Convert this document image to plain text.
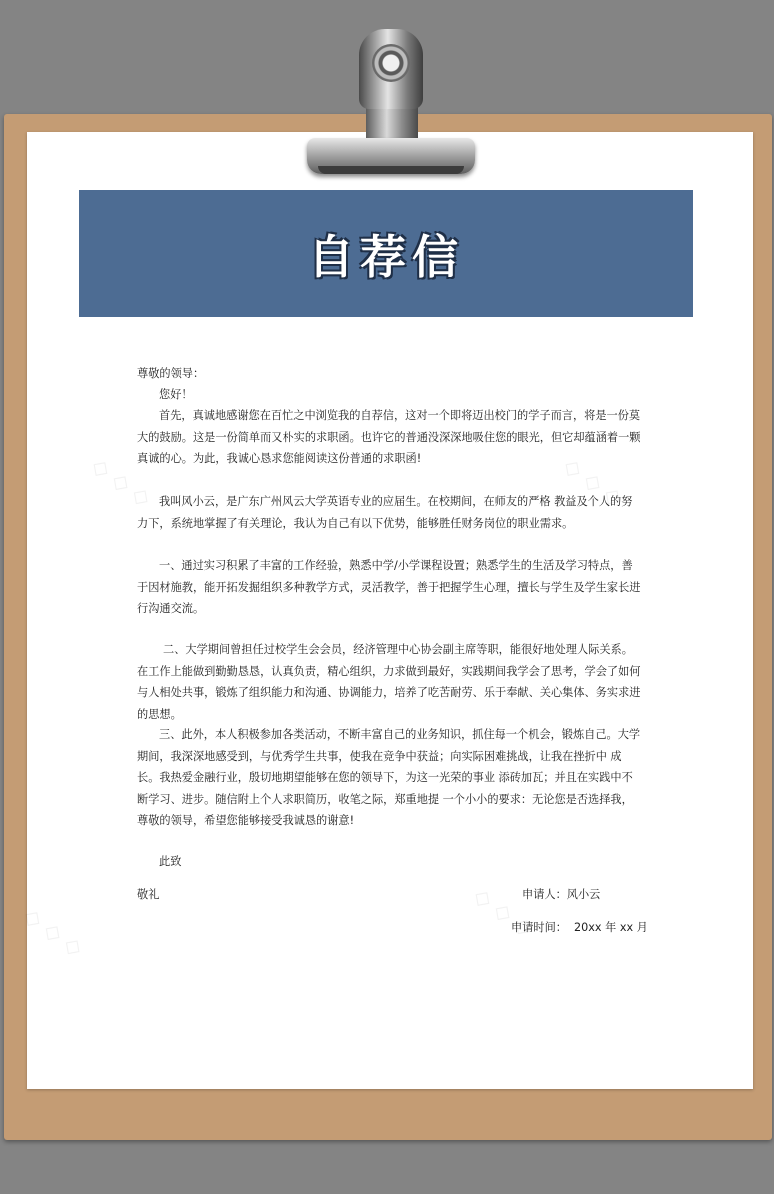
◇ ◇ ◇	◇ ◇ ◇
◇ ◇ ◇	◇ ◇ ◇
自荐信
尊敬的领导：
您好！

首先，真诚地感谢您在百忙之中浏览我的自荐信，这对一个即将迈出校门的学子而言，将是一份莫大的鼓励。这是一份简单而又朴实的求职函。也许它的普通没深深地吸住您的眼光，但它却蕴涵着一颗真诚的心。为此，我诚心恳求您能阅读这份普通的求职函!

我叫风小云，是广东广州风云大学英语专业的应届生。在校期间，在师友的严格 教益及个人的努力下，系统地掌握了有关理论，我认为自己有以下优势，能够胜任财务岗位的职业需求。

一、通过实习积累了丰富的工作经验，熟悉中学/小学课程设置；熟悉学生的生活及学习特点，善于因材施教，能开拓发掘组织多种教学方式，灵活教学，善于把握学生心理，擅长与学生及学生家长进行沟通交流。

二、大学期间曾担任过校学生会会员，经济管理中心协会副主席等职，能很好地处理人际关系。在工作上能做到勤勤恳恳，认真负责，精心组织，力求做到最好，实践期间我学会了思考，学会了如何与人相处共事，锻炼了组织能力和沟通、协调能力，培养了吃苦耐劳、乐于奉献、关心集体、务实求进的思想。

三、此外，本人积极参加各类活动，不断丰富自己的业务知识，抓住每一个机会，锻炼自己。大学期间，我深深地感受到，与优秀学生共事，使我在竞争中获益；向实际困难挑战，让我在挫折中 成长。我热爱金融行业，殷切地期望能够在您的领导下，为这一光荣的事业 添砖加瓦；并且在实践中不断学习、进步。随信附上个人求职简历，收笔之际，郑重地提 一个小小的要求：无论您是否选择我，尊敬的领导，希望您能够接受我诚恳的谢意!

此致
敬礼	申请人：风小云
申请时间：  20xx 年 xx 月
